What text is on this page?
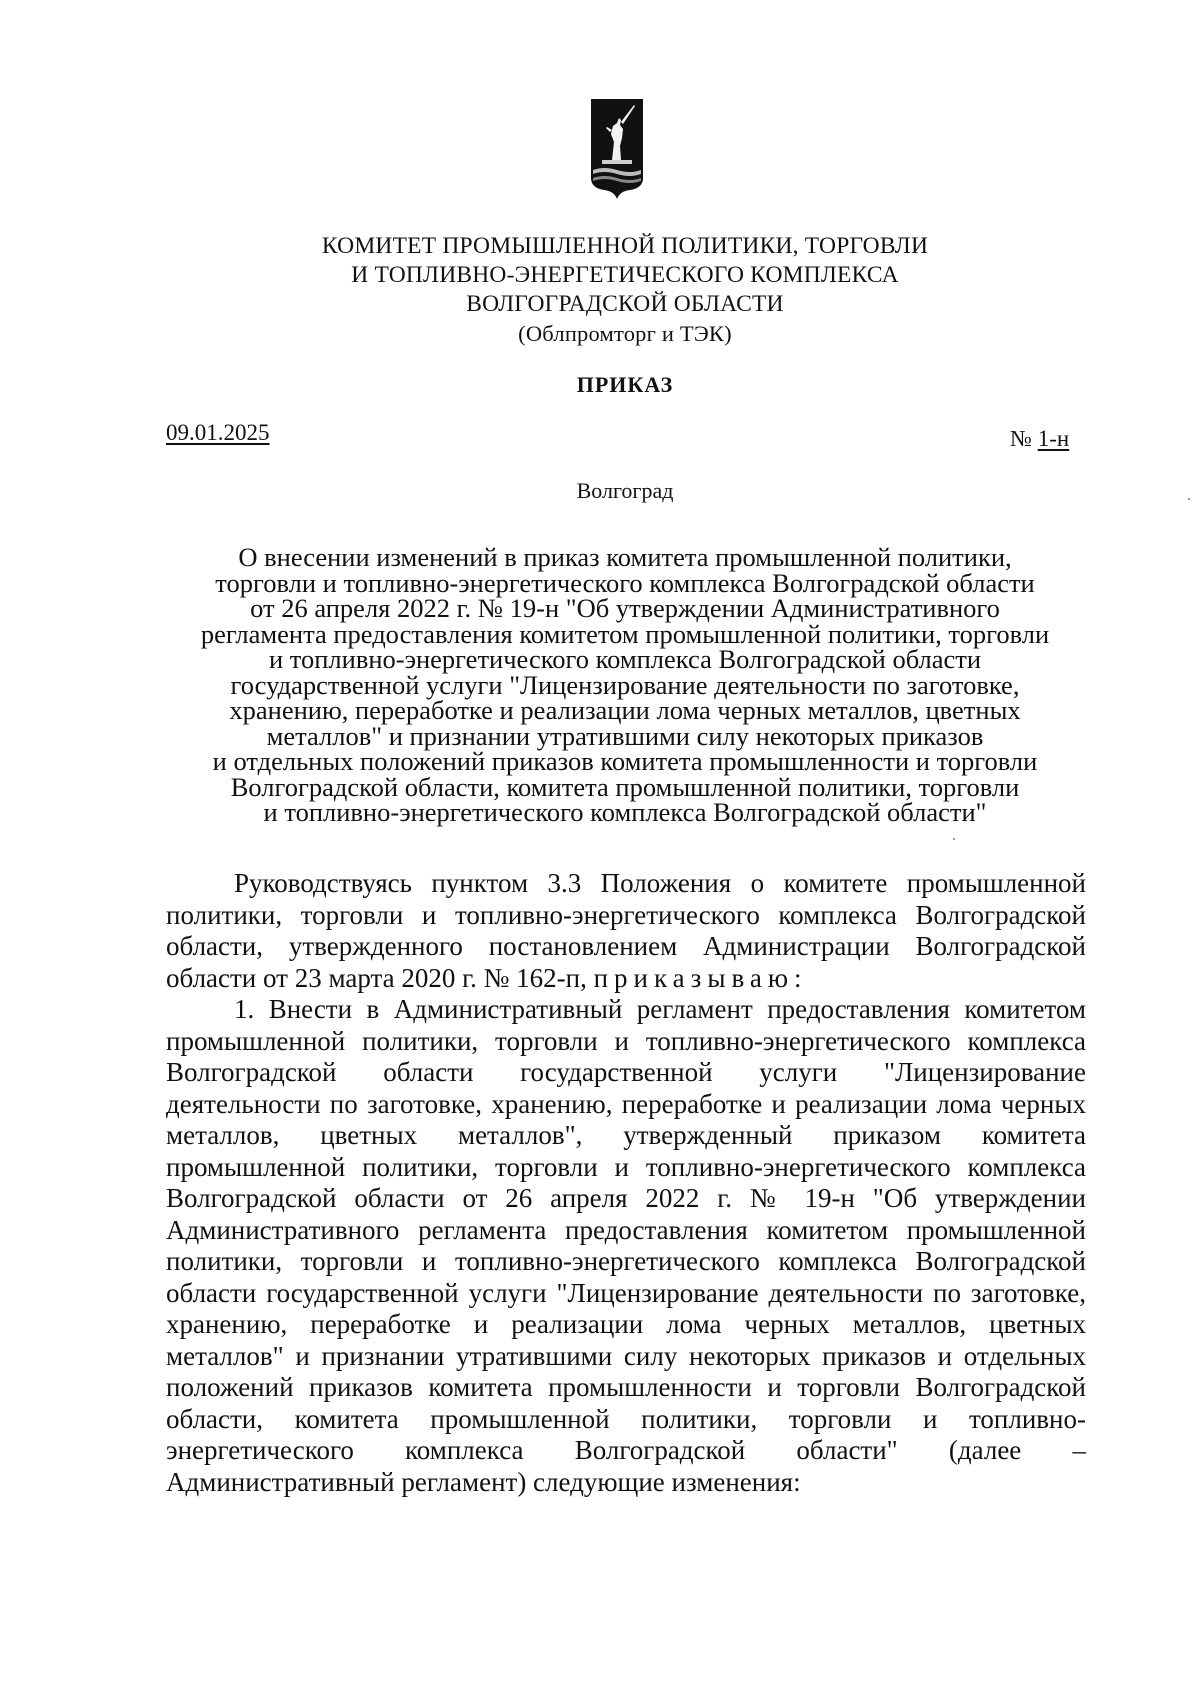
КОМИТЕТ ПРОМЫШЛЕННОЙ ПОЛИТИКИ, ТОРГОВЛИ
И ТОПЛИВНО-ЭНЕРГЕТИЧЕСКОГО КОМПЛЕКСА
ВОЛГОГРАДСКОЙ ОБЛАСТИ
(Облпромторг и ТЭК)
ПРИКАЗ
09.01.2025	№ 1-н
Волгоград
О внесении изменений в приказ комитета промышленной политики,
торговли и топливно-энергетического комплекса Волгоградской области
от 26 апреля 2022 г. № 19-н "Об утверждении Административного
регламента предоставления комитетом промышленной политики, торговли
и топливно-энергетического комплекса Волгоградской области
государственной услуги "Лицензирование деятельности по заготовке,
хранению, переработке и реализации лома черных металлов, цветных
металлов" и признании утратившими силу некоторых приказов
и отдельных положений приказов комитета промышленности и торговли
Волгоградской области, комитета промышленной политики, торговли
и топливно-энергетического комплекса Волгоградской области"

Руководствуясь пунктом 3.3 Положения о комитете промышленной политики, торговли и топливно-энергетического комплекса Волгоградской области, утвержденного постановлением Администрации Волгоградской области от 23 марта 2020 г. № 162-п, приказываю:

1. Внести в Административный регламент предоставления комитетом промышленной политики, торговли и топливно-энергетического комплекса Волгоградской области государственной услуги "Лицензирование деятельности по заготовке, хранению, переработке и реализации лома черных металлов, цветных металлов", утвержденный приказом комитета промышленной политики, торговли и топливно-энергетического комплекса Волгоградской области от 26 апреля 2022 г. № 19-н "Об утверждении Административного регламента предоставления комитетом промышленной политики, торговли и топливно-энергетического комплекса Волгоградской области государственной услуги "Лицензирование деятельности по заготовке, хранению, переработке и реализации лома черных металлов, цветных металлов" и признании утратившими силу некоторых приказов и отдельных положений приказов комитета промышленности и торговли Волгоградской области, комитета промышленной политики, торговли и топливно-энергетического комплекса Волгоградской области" (далее – Административный регламент) следующие изменения:
